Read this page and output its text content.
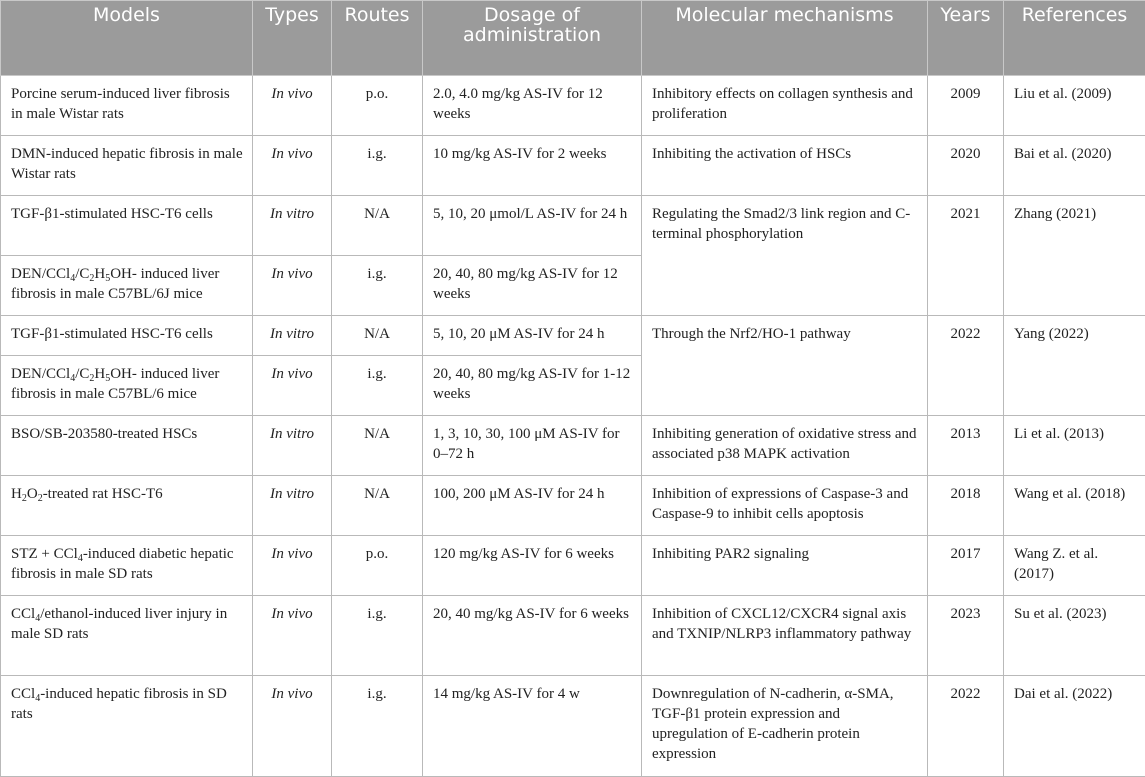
Models	Types	Routes	Dosage of administration	Molecular mechanisms	Years	References
Porcine serum-induced liver fibrosis in male Wistar rats	In vivo	p.o.	2.0, 4.0 mg/kg AS-IV for 12 weeks	Inhibitory effects on collagen synthesis and proliferation	2009	Liu et al. (2009)
DMN-induced hepatic fibrosis in male Wistar rats	In vivo	i.g.	10 mg/kg AS-IV for 2 weeks	Inhibiting the activation of HSCs	2020	Bai et al. (2020)
TGF-β1-stimulated HSC-T6 cells	In vitro	N/A	5, 10, 20 μmol/L AS-IV for 24 h	Regulating the Smad2/3 link region and C-terminal phosphorylation	2021	Zhang (2021)
DEN/$CCl_4/C_2H_5OH-$ induced liver fibrosis in male C57BL/6J mice	In vivo	i.g.	20, 40, 80 mg/kg AS-IV for 12 weeks			
TGF-β1-stimulated HSC-T6 cells	In vitro	N/A	5, 10, 20 μM AS-IV for 24 h	Through the Nrf2/HO-1 pathway	2022	Yang (2022)
DEN/$CCl_4/C_2H_5OH-$ induced liver fibrosis in male C57BL/6 mice	In vivo	i.g.	20, 40, 80 mg/kg AS-IV for 1-12 weeks			
BSO/SB-203580-treated HSCs	In vitro	N/A	1, 3, 10, 30, 100 μM AS-IV for 0–72 h	Inhibiting generation of oxidative stress and associated p38 MAPK activation	2013	Li et al. (2013)
$H_2O_2$-treated rat HSC-T6	In vitro	N/A	100, 200 μM AS-IV for 24 h	Inhibition of expressions of Caspase-3 and Caspase-9 to inhibit cells apoptosis	2018	Wang et al. (2018)
STZ + CCl$_4$-induced diabetic hepatic fibrosis in male SD rats	In vivo	p.o.	120 mg/kg AS-IV for 6 weeks	Inhibiting PAR2 signaling	2017	Wang Z. et al. (2017)
CCl$_4$/ethanol-induced liver injury in male SD rats	In vivo	i.g.	20, 40 mg/kg AS-IV for 6 weeks	Inhibition of CXCL12/CXCR4 signal axis and TXNIP/NLRP3 inflammatory pathway	2023	Su et al. (2023)
CCl$_4$-induced hepatic fibrosis in SD rats	In vivo	i.g.	14 mg/kg AS-IV for 4 w	Downregulation of N-cadherin, α-SMA, TGF-β1 protein expression and upregulation of E-cadherin protein expression	2022	Dai et al. (2022)
